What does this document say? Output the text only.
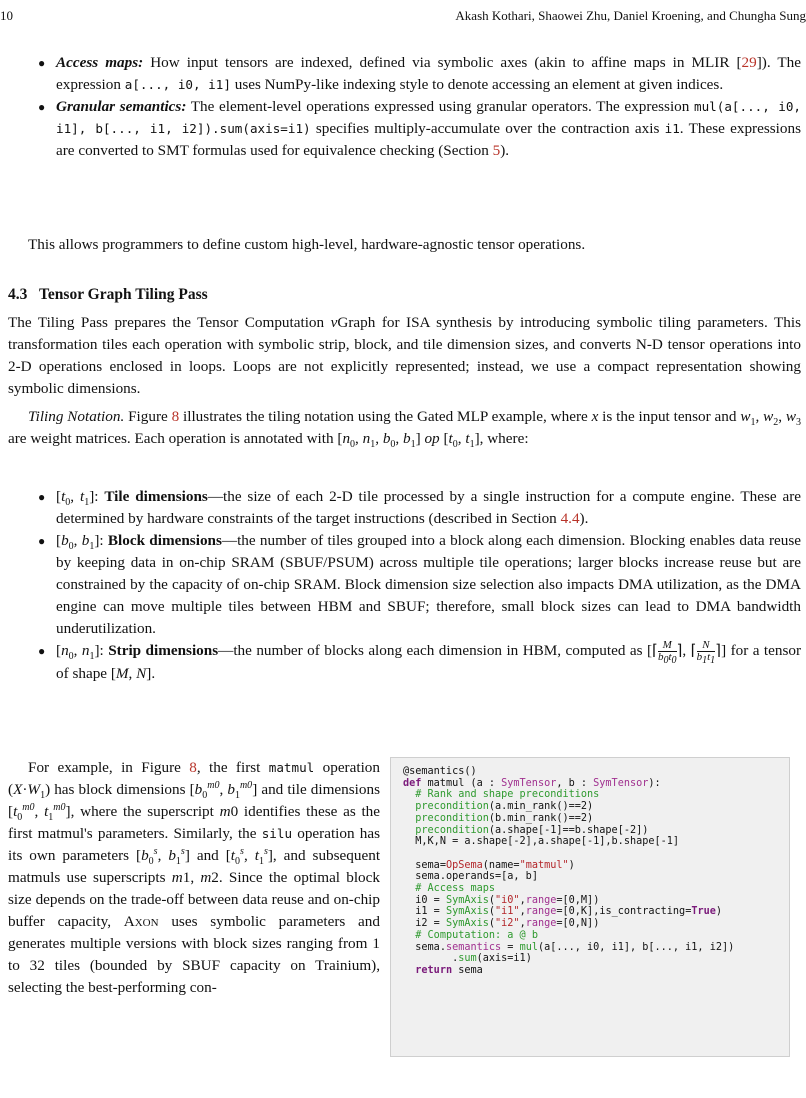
10	Akash Kothari, Shaowei Zhu, Daniel Kroening, and Chungha Sung
● Access maps: How input tensors are indexed, defined via symbolic axes (akin to affine maps in MLIR [29]). The expression a[..., i0, i1] uses NumPy-like indexing style to denote accessing an element at given indices.
● Granular semantics: The element-level operations expressed using granular operators. The expression mul(a[..., i0, i1], b[..., i1, i2]).sum(axis=i1) specifies multiply-accumulate over the contraction axis i1. These expressions are converted to SMT formulas used for equivalence checking (Section 5).
This allows programmers to define custom high-level, hardware-agnostic tensor operations.
4.3 Tensor Graph Tiling Pass
The Tiling Pass prepares the Tensor Computation νGraph for ISA synthesis by introducing symbolic tiling parameters. This transformation tiles each operation with symbolic strip, block, and tile dimension sizes, and converts N-D tensor operations into 2-D operations enclosed in loops. Loops are not explicitly represented; instead, we use a compact representation showing symbolic dimensions.
Tiling Notation. Figure 8 illustrates the tiling notation using the Gated MLP example, where x is the input tensor and $w_1$, $w_2$, $w_3$ are weight matrices. Each operation is annotated with [$n_0$, $n_1$, $b_0$, $b_1$] op [$t_0$, $t_1$], where:
● [$t_0$, $t_1$]: Tile dimensions—the size of each 2-D tile processed by a single instruction for a compute engine. These are determined by hardware constraints of the target instructions (described in Section 4.4).
● [$b_0$, $b_1$]: Block dimensions—the number of tiles grouped into a block along each dimension. Blocking enables data reuse by keeping data in on-chip SRAM (SBUF/PSUM) across multiple tile operations; larger blocks increase reuse but are constrained by the capacity of on-chip SRAM. Block dimension size selection also impacts DMA utilization, as the DMA engine can move multiple tiles between HBM and SBUF; therefore, small block sizes can lead to DMA bandwidth underutilization.
● [$n_0$, $n_1$]: Strip dimensions—the number of blocks along each dimension in HBM, computed as [⌈ $\frac{M}{b_0t_0}$ ⌉, ⌈ $\frac{N}{b_1t_1}$ ⌉] for a tensor of shape [M, N].
For example, in Figure 8, the first matmul operation $(X\cdot W_1)$ has block dimensions [$b_0^{m0}$, $b_1^{m0}$] and tile dimensions [$t_0^{m0}$, $t_1^{m0}$], where the superscript m0 identifies these as the first matmul's parameters. Similarly, the silu operation has its own parameters [$b_0^s$, $b_1^s$] and [$t_0^s$, $t_1^s$], and subsequent matmuls use superscripts m1, m2. Since the optimal block size depends on the trade-off between data reuse and on-chip buffer capacity, Axon uses symbolic parameters and generates multiple versions with block sizes ranging from 1 to 32 tiles (bounded by SBUF capacity on Trainium), selecting the best-performing con-
@semantics()
def matmul (a : SymTensor, b : SymTensor):
# Rank and shape preconditions
precondition(a.min_rank()==2)
precondition(b.min_rank()==2)
precondition(a.shape[-1]==b.shape[-2])
M,K,N = a.shape[-2],a.shape[-1],b.shape[-1]

sema=OpSema(name="matmul")
sema.operands=[a, b]
# Access maps
i0 = SymAxis("i0",range=[0,M])
i1 = SymAxis("i1",range=[0,K],is_contracting=True)
i2 = SymAxis("i2",range=[0,N])
# Computation: a @ b
sema.semantics = mul(a[..., i0, i1], b[..., i1, i2])
.sum(axis=i1)
return sema
